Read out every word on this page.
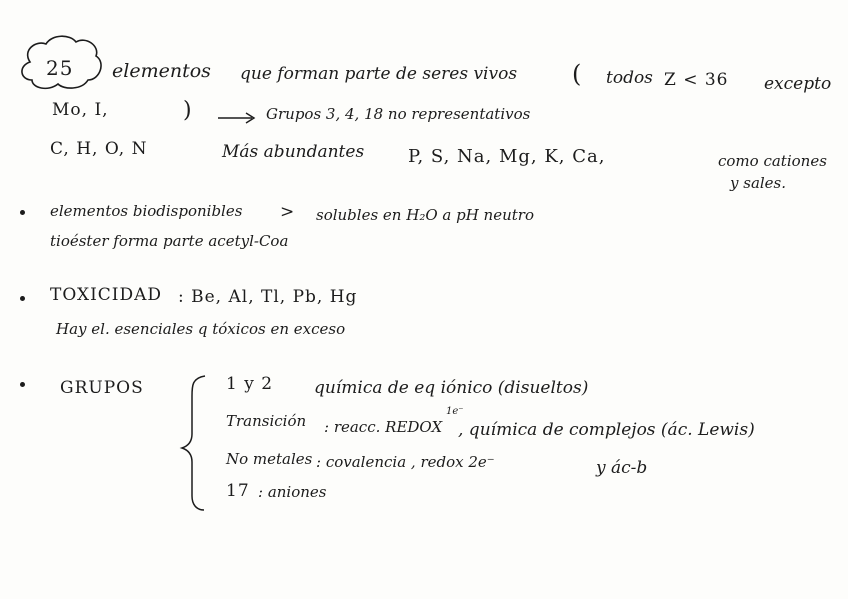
25 elementos que forman parte de seres vivos ( todos Z < 36 excepto
Mo, I,	)	Grupos 3, 4, 18 no representativos
C, H, O, N	Más abundantes P, S, Na, Mg, K, Ca,	como cationes
y sales.
elementos biodisponibles > solubles en H₂O a pH neutro
tioéster forma parte acetyl-Coa
TOXICIDAD : Be, Al, Tl, Pb, Hg
Hay el. esenciales q tóxicos en exceso
GRUPOS	1 y 2 química de eq iónico (disueltos)
Transición : reacc. REDOX
1e⁻
, química de complejos (ác. Lewis)
No metales : covalencia , redox 2e⁻	y ác-b
17 : aniones
